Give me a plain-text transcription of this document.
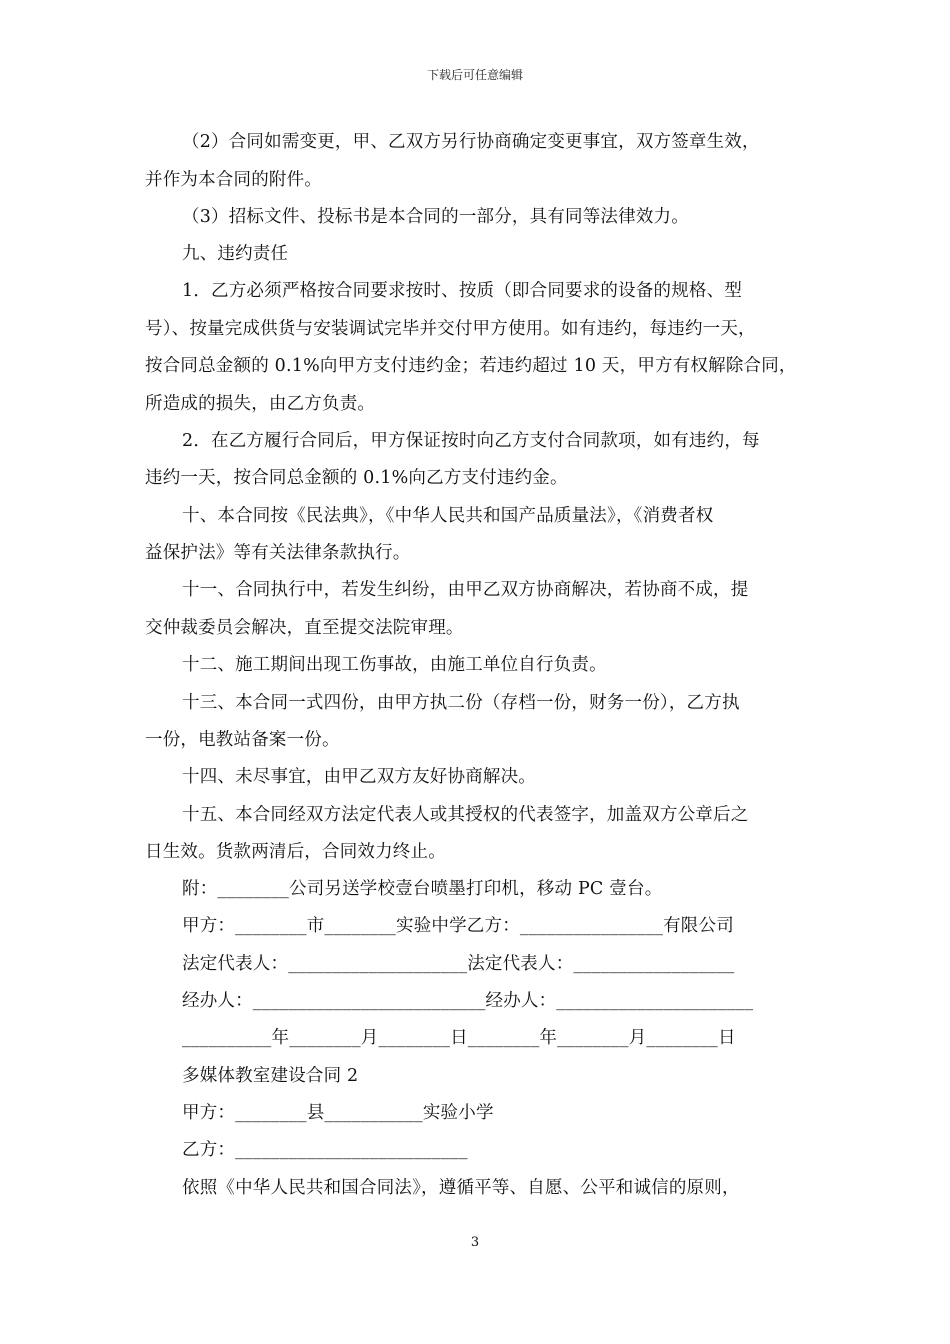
下载后可任意编辑
（2）合同如需变更，甲、乙双方另行协商确定变更事宜，双方签章生效，
并作为本合同的附件。
（3）招标文件、投标书是本合同的一部分，具有同等法律效力。
九、违约责任
1．乙方必须严格按合同要求按时、按质（即合同要求的设备的规格、型
号）、按量完成供货与安装调试完毕并交付甲方使用。如有违约，每违约一天，
按合同总金额的 0.1%向甲方支付违约金；若违约超过 10 天，甲方有权解除合同，
所造成的损失，由乙方负责。
2．在乙方履行合同后，甲方保证按时向乙方支付合同款项，如有违约，每
违约一天，按合同总金额的 0.1%向乙方支付违约金。
十、本合同按《民法典》，《中华人民共和国产品质量法》，《消费者权
益保护法》等有关法律条款执行。
十一、合同执行中，若发生纠纷，由甲乙双方协商解决，若协商不成，提
交仲裁委员会解决，直至提交法院审理。
十二、施工期间出现工伤事故，由施工单位自行负责。
十三、本合同一式四份，由甲方执二份（存档一份，财务一份），乙方执
一份，电教站备案一份。
十四、未尽事宜，由甲乙双方友好协商解决。
十五、本合同经双方法定代表人或其授权的代表签字，加盖双方公章后之
日生效。货款两清后，合同效力终止。
附：________公司另送学校壹台喷墨打印机，移动 PC 壹台。
甲方：________市________实验中学乙方：________________有限公司
法定代表人：____________________法定代表人：__________________
经办人：__________________________经办人：______________________
__________年________月________日________年________月________日
多媒体教室建设合同 2
甲方：________县___________实验小学
乙方：__________________________
依照《中华人民共和国合同法》，遵循平等、自愿、公平和诚信的原则，
3
